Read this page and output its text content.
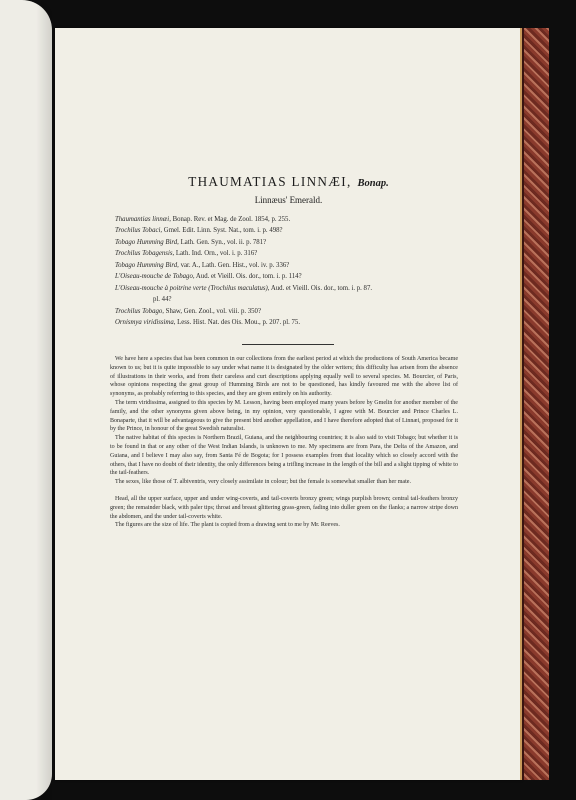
THAUMATIAS LINNÆI, Bonap.
Linnæus' Emerald.
Thaumantias linnæi, Bonap. Rev. et Mag. de Zool. 1854, p. 255.
Trochilus Tobaci, Gmel. Edit. Linn. Syst. Nat., tom. i. p. 498?
Tobago Humming Bird, Lath. Gen. Syn., vol. ii. p. 781?
Trochilus Tobagensis, Lath. Ind. Orn., vol. i. p. 316?
Tobago Humming Bird, var. A., Lath. Gen. Hist., vol. iv. p. 336?
L'Oiseau-mouche de Tobago, Aud. et Vieill. Ois. dor., tom. i. p. 114?
L'Oiseau-mouche à poitrine verte (Trochilus maculatus), Aud. et Vieill. Ois. dor., tom. i. p. 87.
pl. 44?
Trochilus Tobago, Shaw, Gen. Zool., vol. viii. p. 350?
Ornismya viridissima, Less. Hist. Nat. des Ois. Mou., p. 207. pl. 75.

We have here a species that has been common in our collections from the earliest period at which the productions of South America became known to us; but it is quite impossible to say under what name it is designated by the older writers; this difficulty has arisen from the absence of illustrations in their works, and from their careless and curt descriptions applying equally well to several species. M. Bourcier, of Paris, whose opinions respecting the great group of Humming Birds are not to be questioned, has kindly favoured me with the above list of synonyms, as probably referring to this species, and they are given entirely on his authority.

The term viridissima, assigned to this species by M. Lesson, having been employed many years before by Gmelin for another member of the family, and the other synonyms given above being, in my opinion, very questionable, I agree with M. Bourcier and Prince Charles L. Bonaparte, that it will be advantageous to give the present bird another appellation, and I have therefore adopted that of Linnæi, proposed for it by the Prince, in honour of the great Swedish naturalist.

The native habitat of this species is Northern Brazil, Guiana, and the neighbouring countries; it is also said to visit Tobago; but whether it is to be found in that or any other of the West Indian Islands, is unknown to me. My specimens are from Para, the Delta of the Amazon, and Guiana, and I believe I may also say, from Santa Fé de Bogota; for I possess examples from that locality which so closely accord with the others, that I have no doubt of their identity, the only differences being a trifling increase in the length of the bill and a slight tipping of white to the tail-feathers.

The sexes, like those of T. albiventris, very closely assimilate in colour; but the female is somewhat smaller than her mate.

Head, all the upper surface, upper and under wing-coverts, and tail-coverts bronzy green; wings purplish brown; central tail-feathers bronzy green; the remainder black, with paler tips; throat and breast glittering grass-green, fading into duller green on the flanks; a narrow stripe down the abdomen, and the under tail-coverts white.

The figures are the size of life. The plant is copied from a drawing sent to me by Mr. Reeves.
